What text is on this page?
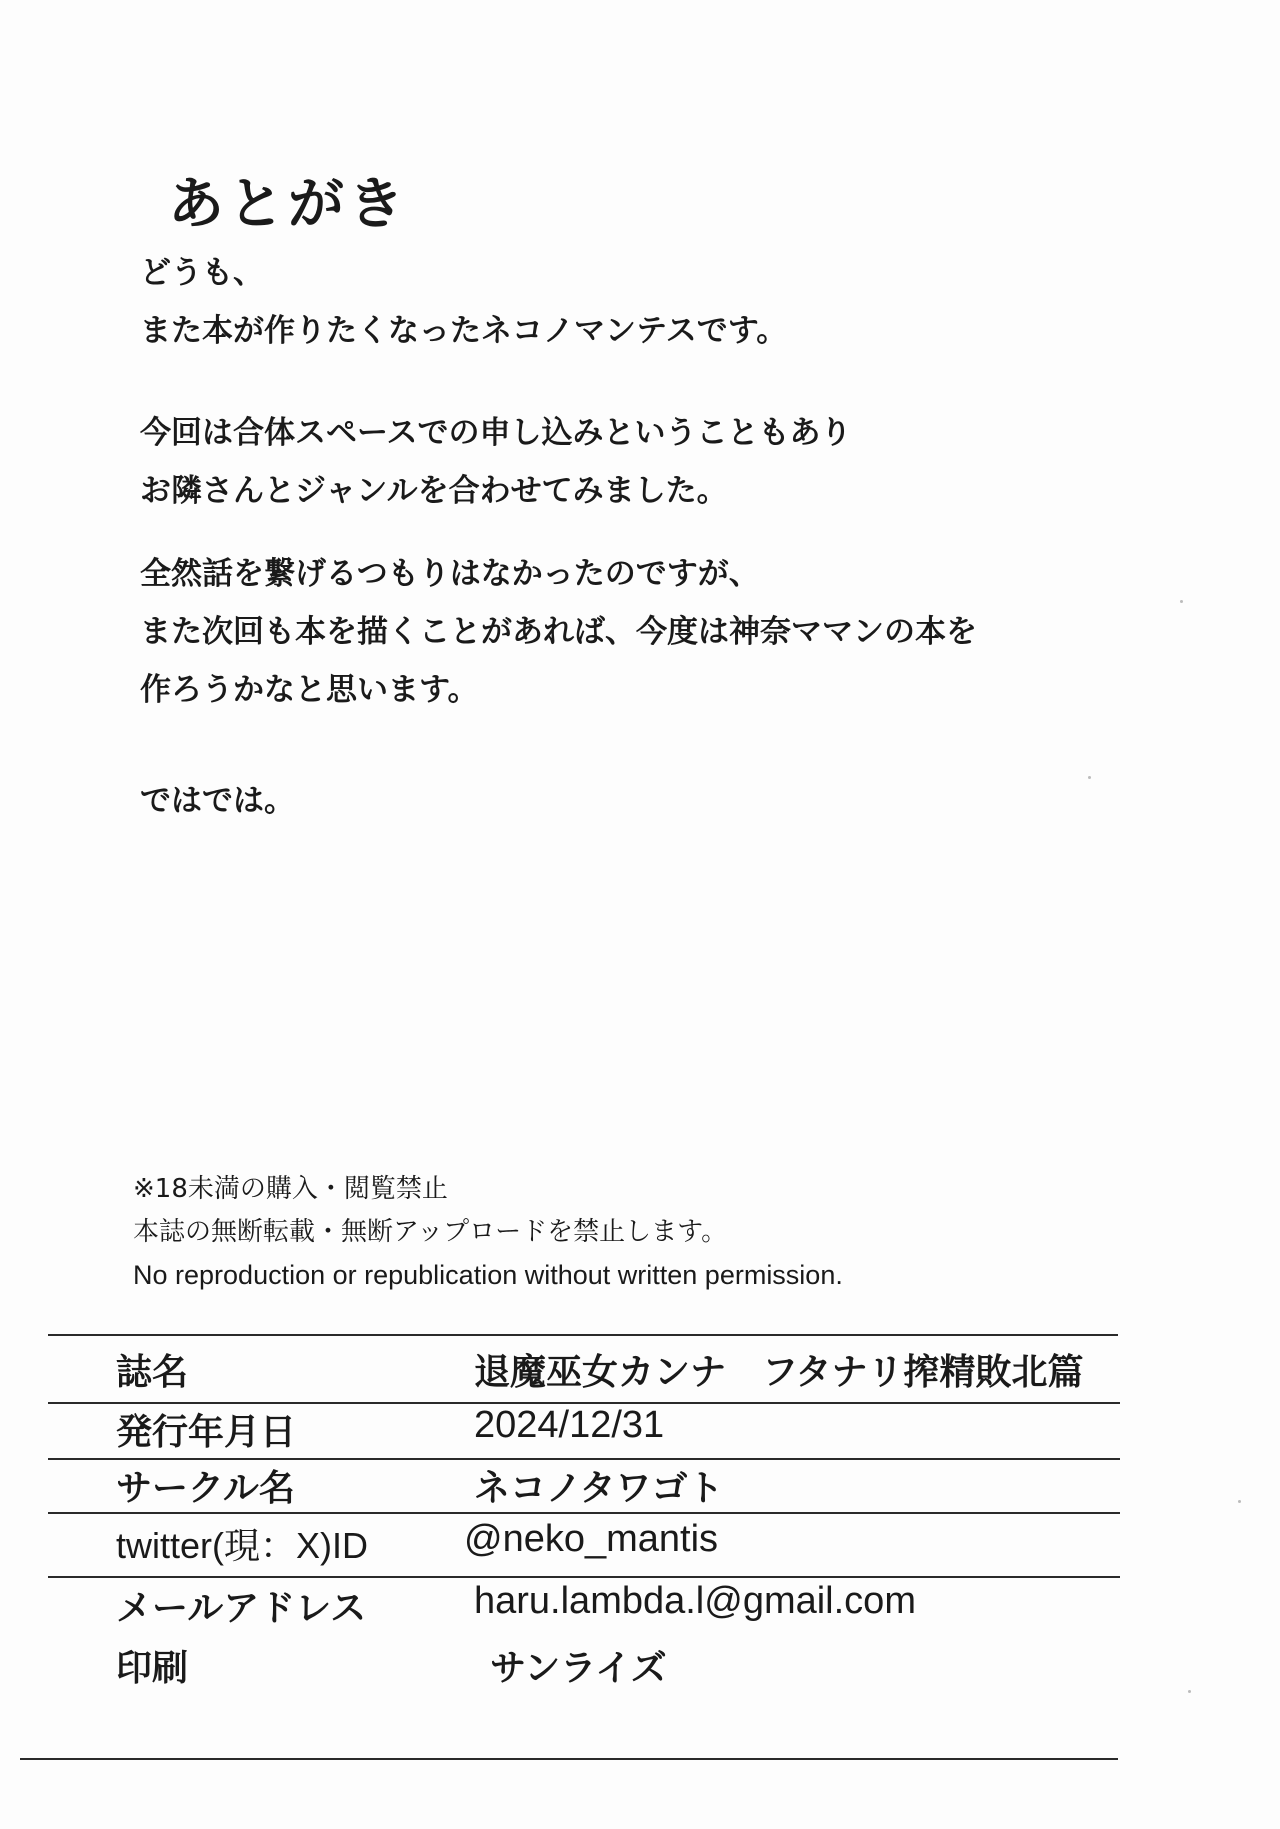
あとがき

どうも、
また本が作りたくなったネコノマンテスです。

今回は合体スペースでの申し込みということもあり
お隣さんとジャンルを合わせてみました。

全然話を繋げるつもりはなかったのですが、
また次回も本を描くことがあれば、今度は神奈ママンの本を
作ろうかなと思います。

ではでは。

※18未満の購入・閲覧禁止
本誌の無断転載・無断アップロードを禁止します。
No reproduction or republication without written permission.
誌名	退魔巫女カンナ　フタナリ搾精敗北篇
発行年月日	2024/12/31
サークル名	ネコノタワゴト
twitter(現：X)ID	@neko_mantis
メールアドレス	haru.lambda.l@gmail.com
印刷	サンライズ
